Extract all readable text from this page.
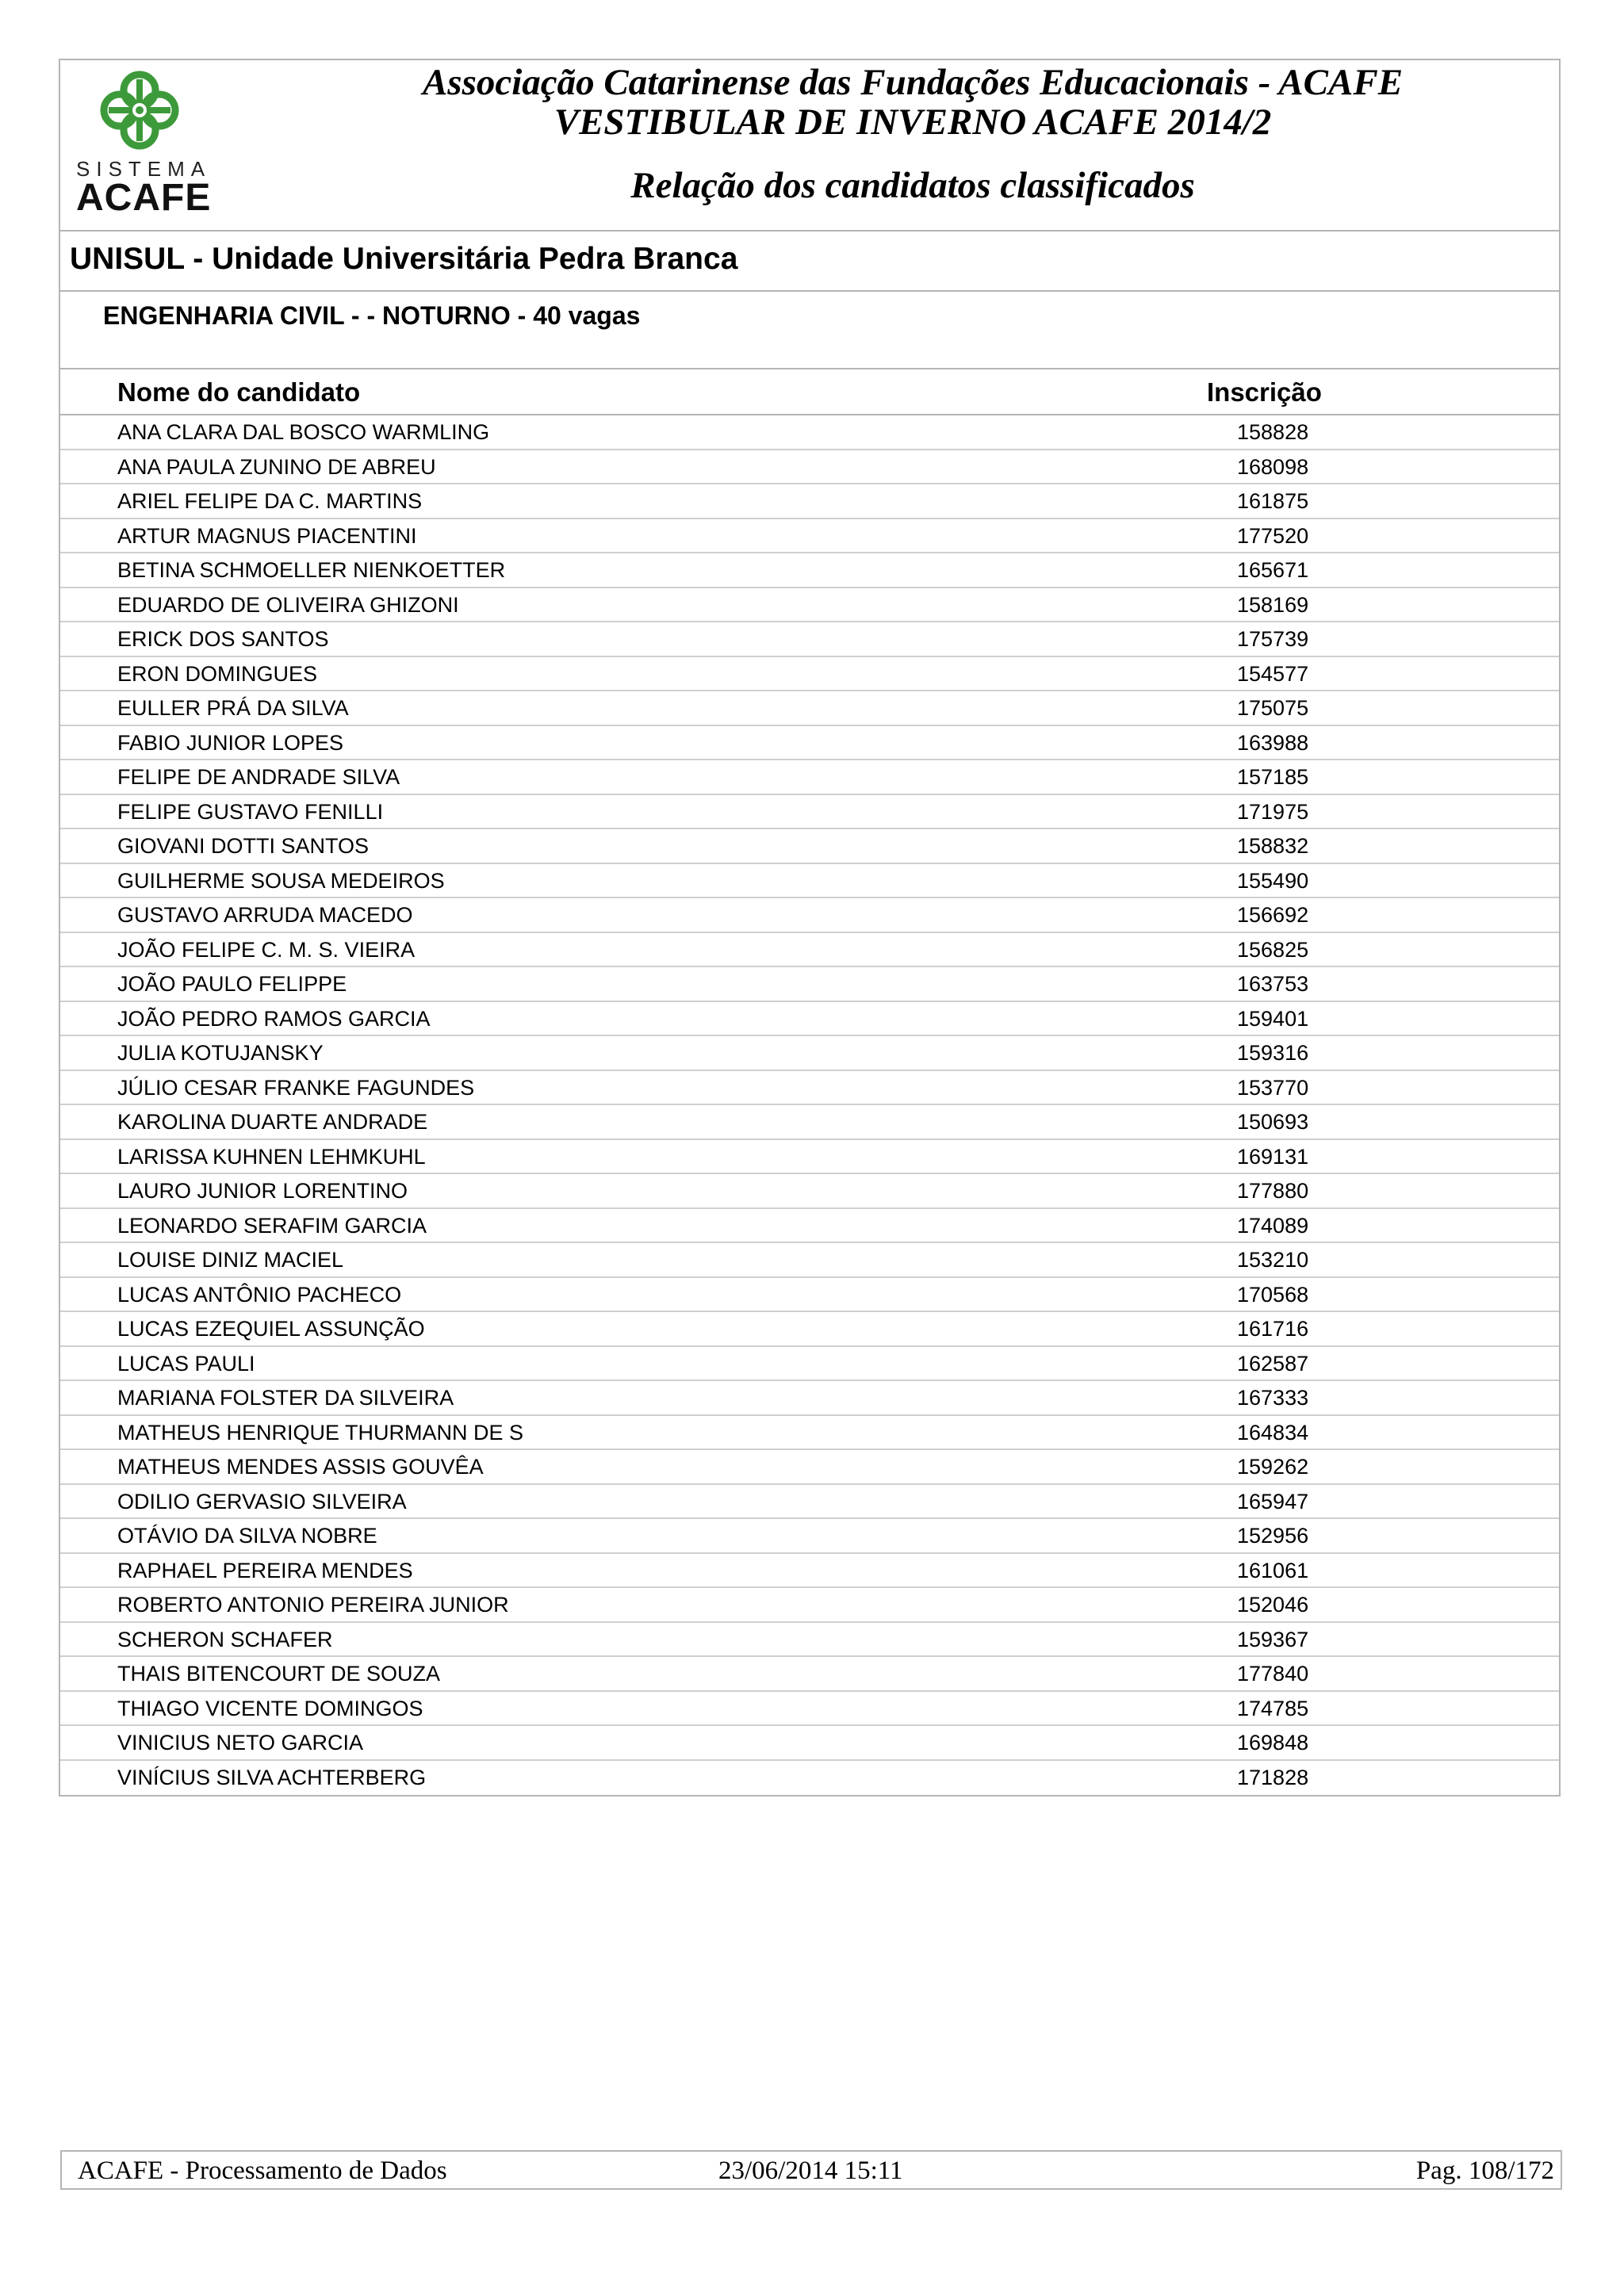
SISTEMA
ACAFE
Associação Catarinense das Fundações Educacionais - ACAFE
VESTIBULAR DE INVERNO ACAFE 2014/2
Relação dos candidatos classificados
UNISUL - Unidade Universitária Pedra Branca
ENGENHARIA CIVIL - - NOTURNO - 40 vagas
Nome do candidato	Inscrição
ANA CLARA DAL BOSCO WARMLING	158828
ANA PAULA ZUNINO DE ABREU	168098
ARIEL FELIPE DA C. MARTINS	161875
ARTUR MAGNUS PIACENTINI	177520
BETINA SCHMOELLER NIENKOETTER	165671
EDUARDO DE OLIVEIRA GHIZONI	158169
ERICK DOS SANTOS	175739
ERON DOMINGUES	154577
EULLER PRÁ DA SILVA	175075
FABIO JUNIOR LOPES	163988
FELIPE DE ANDRADE SILVA	157185
FELIPE GUSTAVO FENILLI	171975
GIOVANI DOTTI SANTOS	158832
GUILHERME SOUSA MEDEIROS	155490
GUSTAVO ARRUDA MACEDO	156692
JOÃO FELIPE C. M. S. VIEIRA	156825
JOÃO PAULO FELIPPE	163753
JOÃO PEDRO RAMOS GARCIA	159401
JULIA KOTUJANSKY	159316
JÚLIO CESAR FRANKE FAGUNDES	153770
KAROLINA DUARTE ANDRADE	150693
LARISSA KUHNEN LEHMKUHL	169131
LAURO JUNIOR LORENTINO	177880
LEONARDO SERAFIM GARCIA	174089
LOUISE DINIZ MACIEL	153210
LUCAS ANTÔNIO PACHECO	170568
LUCAS EZEQUIEL ASSUNÇÃO	161716
LUCAS PAULI	162587
MARIANA FOLSTER DA SILVEIRA	167333
MATHEUS HENRIQUE THURMANN DE S	164834
MATHEUS MENDES ASSIS GOUVÊA	159262
ODILIO GERVASIO SILVEIRA	165947
OTÁVIO DA SILVA NOBRE	152956
RAPHAEL PEREIRA MENDES	161061
ROBERTO ANTONIO PEREIRA JUNIOR	152046
SCHERON SCHAFER	159367
THAIS BITENCOURT DE SOUZA	177840
THIAGO VICENTE DOMINGOS	174785
VINICIUS NETO GARCIA	169848
VINÍCIUS SILVA ACHTERBERG	171828
ACAFE - Processamento de Dados	23/06/2014 15:11	Pag. 108/172
